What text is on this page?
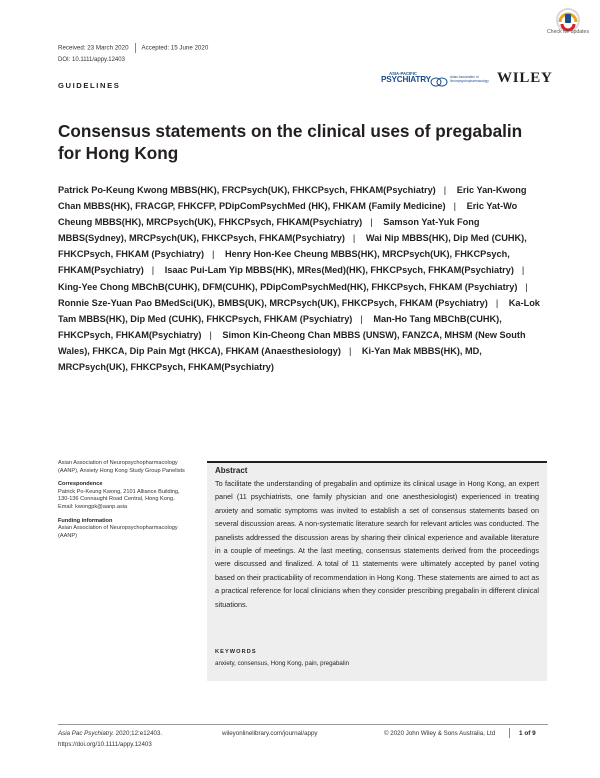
Received: 23 March 2020 Accepted: 15 June 2020
DOI: 10.1111/appy.12403
GUIDELINES
ASIA-PACIFIC
PSYCHIATRY	Asian Association of Neuropsychopharmacology WILEY
Check for updates
Consensus statements on the clinical uses of pregabalin for Hong Kong
Patrick Po-Keung Kwong MBBS(HK), FRCPsych(UK), FHKCPsych, FHKAM(Psychiatry) | Eric Yan-Kwong Chan MBBS(HK), FRACGP, FHKCFP, PDipComPsychMed (HK), FHKAM (Family Medicine) | Eric Yat-Wo Cheung MBBS(HK), MRCPsych(UK), FHKCPsych, FHKAM(Psychiatry) | Samson Yat-Yuk Fong MBBS(Sydney), MRCPsych(UK), FHKCPsych, FHKAM(Psychiatry) | Wai Nip MBBS(HK), Dip Med (CUHK), FHKCPsych, FHKAM (Psychiatry) | Henry Hon-Kee Cheung MBBS(HK), MRCPsych(UK), FHKCPsych, FHKAM(Psychiatry) | Isaac Pui-Lam Yip MBBS(HK), MRes(Med)(HK), FHKCPsych, FHKAM(Psychiatry) | King-Yee Chong MBChB(CUHK), DFM(CUHK), PDipComPsychMed(HK), FHKCPsych, FHKAM (Psychiatry) | Ronnie Sze-Yuan Pao BMedSci(UK), BMBS(UK), MRCPsych(UK), FHKCPsych, FHKAM (Psychiatry) | Ka-Lok Tam MBBS(HK), Dip Med (CUHK), FHKCPsych, FHKAM (Psychiatry) | Man-Ho Tang MBChB(CUHK), FHKCPsych, FHKAM(Psychiatry) | Simon Kin-Cheong Chan MBBS (UNSW), FANZCA, MHSM (New South Wales), FHKCA, Dip Pain Mgt (HKCA), FHKAM (Anaesthesiology) | Ki-Yan Mak MBBS(HK), MD, MRCPsych(UK), FHKCPsych, FHKAM(Psychiatry)
Asian Association of Neuropsychopharmacology (AANP), Anxiety Hong Kong Study Group Panelists
Correspondence
Patrick Po-Keung Kwong, 2101 Alliance Building, 130-136 Connaught Road Central, Hong Kong.
Email: kwongpk@aanp.asia
Funding information
Asian Association of Neuropsychopharmacology (AANP)
Abstract
To facilitate the understanding of pregabalin and optimize its clinical usage in Hong Kong, an expert panel (11 psychiatrists, one family physician and one anesthesiologist) experienced in treating anxiety and somatic symptoms was invited to establish a set of consensus statements based on several discussion areas. A non-systematic literature search for relevant articles was conducted. The panelists addressed the discussion areas by sharing their clinical experience and available literature in a couple of meetings. At the last meeting, consensus statements derived from the proceedings were discussed and finalized. A total of 11 statements were ultimately accepted by panel voting based on their practicability of recommendation in Hong Kong. These statements are aimed to act as a practical reference for local clinicians when they consider prescribing pregabalin in different clinical situations.
KEYWORDS
anxiety, consensus, Hong Kong, pain, pregabalin
Asia Pac Psychiatry. 2020;12:e12403.
https://doi.org/10.1111/appy.12403
wileyonlinelibrary.com/journal/appy	© 2020 John Wiley & Sons Australia, Ltd	1 of 9
